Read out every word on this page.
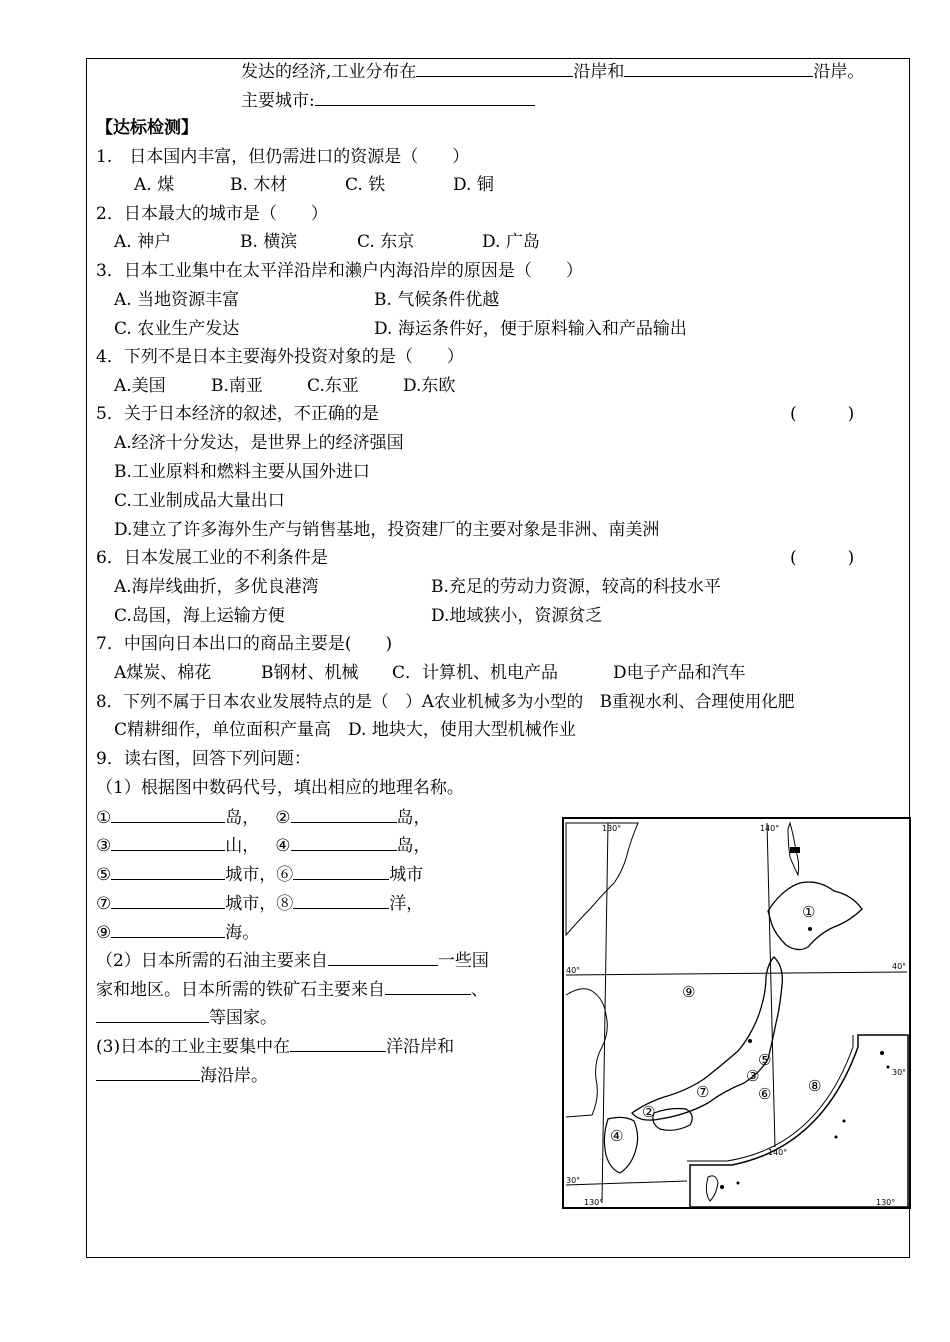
发达的经济,工业分布在	沿岸和	沿岸。
主要城市:
【达标检测】
1.　日本国内丰富，但仍需进口的资源是（　　）
A. 煤	B. 木材	C. 铁	D. 铜
2．日本最大的城市是（　　）
A. 神户	B. 横滨	C. 东京	D. 广岛
3．日本工业集中在太平洋沿岸和濑户内海沿岸的原因是（　　）
A. 当地资源丰富	B. 气候条件优越
C. 农业生产发达	D. 海运条件好，便于原料输入和产品输出
4．下列不是日本主要海外投资对象的是（　　）
A.美国	B.南亚	C.东亚	D.东欧
5．关于日本经济的叙述，不正确的是	(　　　)
A.经济十分发达，是世界上的经济强国
B.工业原料和燃料主要从国外进口
C.工业制成品大量出口
D.建立了许多海外生产与销售基地，投资建厂的主要对象是非洲、南美洲
6．日本发展工业的不利条件是	(　　　)
A.海岸线曲折，多优良港湾	B.充足的劳动力资源，较高的科技水平
C.岛国，海上运输方便	D.地域狭小，资源贫乏
7．中国向日本出口的商品主要是(　　)
A煤炭、棉花	B钢材、机械 C．计算机、机电产品	D电子产品和汽车
8．下列不属于日本农业发展特点的是（　）A农业机械多为小型的　B重视水利、合理使用化肥
C精耕细作，单位面积产量高　D. 地块大，使用大型机械作业
9．读右图，回答下列问题：
（1）根据图中数码代号，填出相应的地理名称。
①	岛， ②	岛，
③	山， ④	岛，
⑤	城市，⑥	城市
⑦	城市，⑧	洋，
⑨	海。
（2）日本所需的石油主要来自	一些国
家和地区。日本所需的铁矿石主要来自	、
等国家。
(3)日本的工业主要集中在	洋沿岸和
海沿岸。
130°	140°
130°
140°
130°
40°	40°
30°
30°
①
②
③
④
⑤
⑥
⑦	⑧
⑨
